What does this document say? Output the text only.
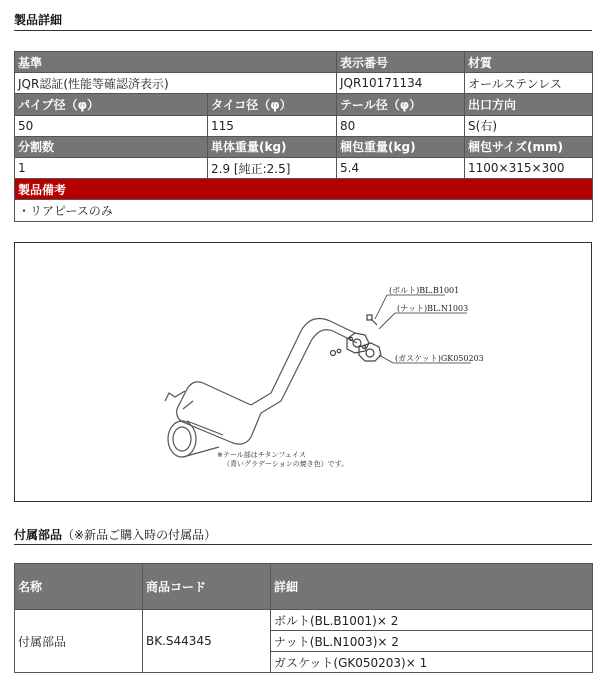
製品詳細
基準		表示番号	材質
JQR認証(性能等確認済表示)		JQR10171134	オールステンレス
パイプ径（φ）	タイコ径（φ）	テール径（φ）	出口方向
50	115	80	S(右)
分割数	単体重量(kg)	梱包重量(kg)	梱包サイズ(mm)
1	2.9 [純正:2.5]	5.4	1100×315×300
製品備考			
・リアピースのみ			
(ボルト)BL.B1001
(ナット)BL.N1003
(ガスケット)GK050203
※テール部はチタンフェイス
（青いグラデーションの焼き色）です。
付属部品（※新品ご購入時の付属品）
名称	商品コード	詳細
付属部品	BK.S44345	ボルト(BL.B1001)× 2
		ナット(BL.N1003)× 2
		ガスケット(GK050203)× 1
